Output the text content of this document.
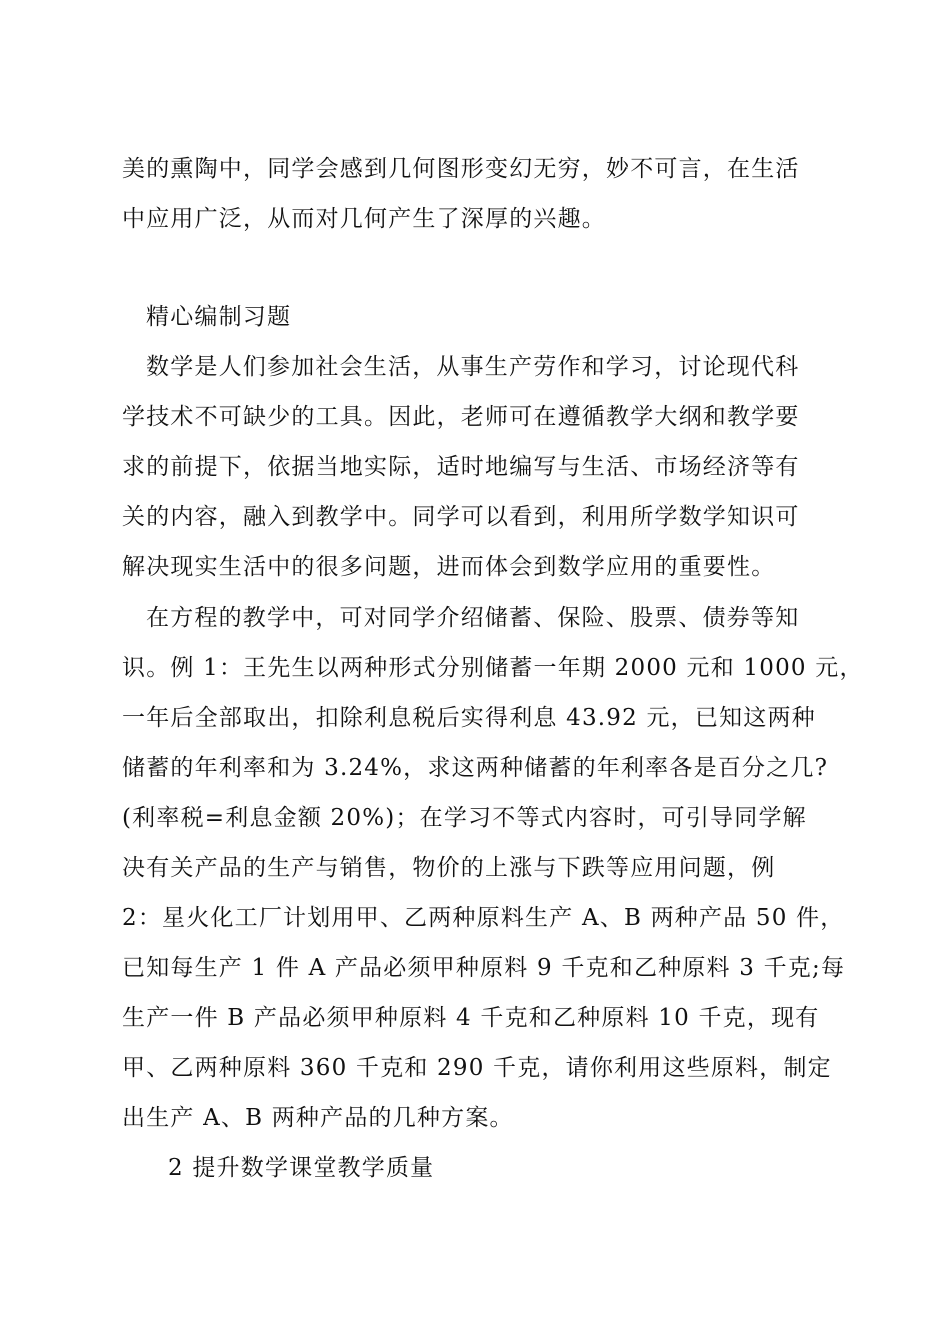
美的熏陶中，同学会感到几何图形变幻无穷，妙不可言，在生活
中应用广泛，从而对几何产生了深厚的兴趣。
精心编制习题
数学是人们参加社会生活，从事生产劳作和学习，讨论现代科
学技术不可缺少的工具。因此，老师可在遵循教学大纲和教学要
求的前提下，依据当地实际，适时地编写与生活、市场经济等有
关的内容，融入到教学中。同学可以看到，利用所学数学知识可
解决现实生活中的很多问题，进而体会到数学应用的重要性。
在方程的教学中，可对同学介绍储蓄、保险、股票、债券等知
识。例 1：王先生以两种形式分别储蓄一年期 2000 元和 1000 元，
一年后全部取出，扣除利息税后实得利息 43.92 元，已知这两种
储蓄的年利率和为 3.24%，求这两种储蓄的年利率各是百分之几?
(利率税=利息金额 20%)；在学习不等式内容时，可引导同学解
决有关产品的生产与销售，物价的上涨与下跌等应用问题，例
2：星火化工厂计划用甲、乙两种原料生产 A、B 两种产品 50 件，
已知每生产 1 件 A 产品必须甲种原料 9 千克和乙种原料 3 千克;每
生产一件 B 产品必须甲种原料 4 千克和乙种原料 10 千克，现有
甲、乙两种原料 360 千克和 290 千克，请你利用这些原料，制定
出生产 A、B 两种产品的几种方案。
2 提升数学课堂教学质量
